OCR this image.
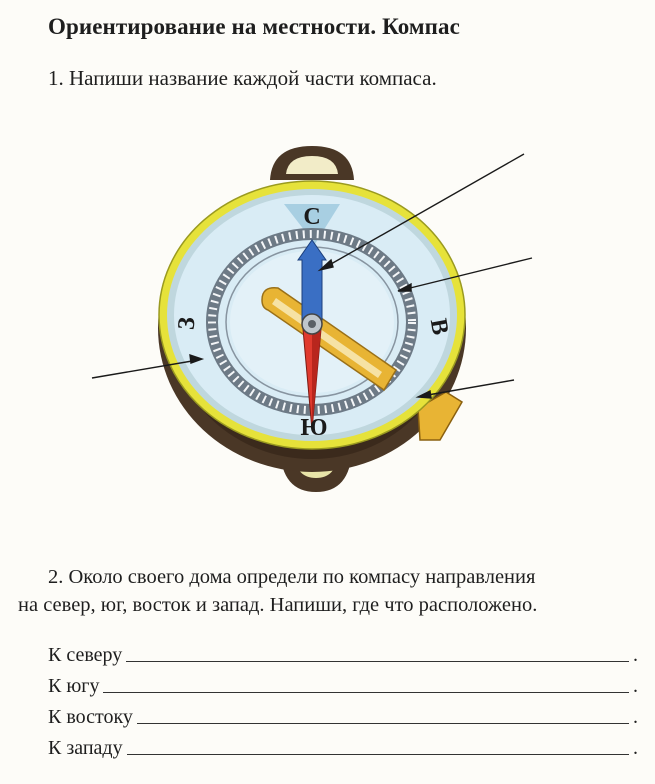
Ориентирование на местности. Компас
1. Напиши название каждой части компаса.
С
Ю
В
З
2. Около своего дома определи по компасу направления
на север, юг, восток и запад. Напиши, где что расположено.
К северу	.
К югу	.
К востоку	.
К западу	.
